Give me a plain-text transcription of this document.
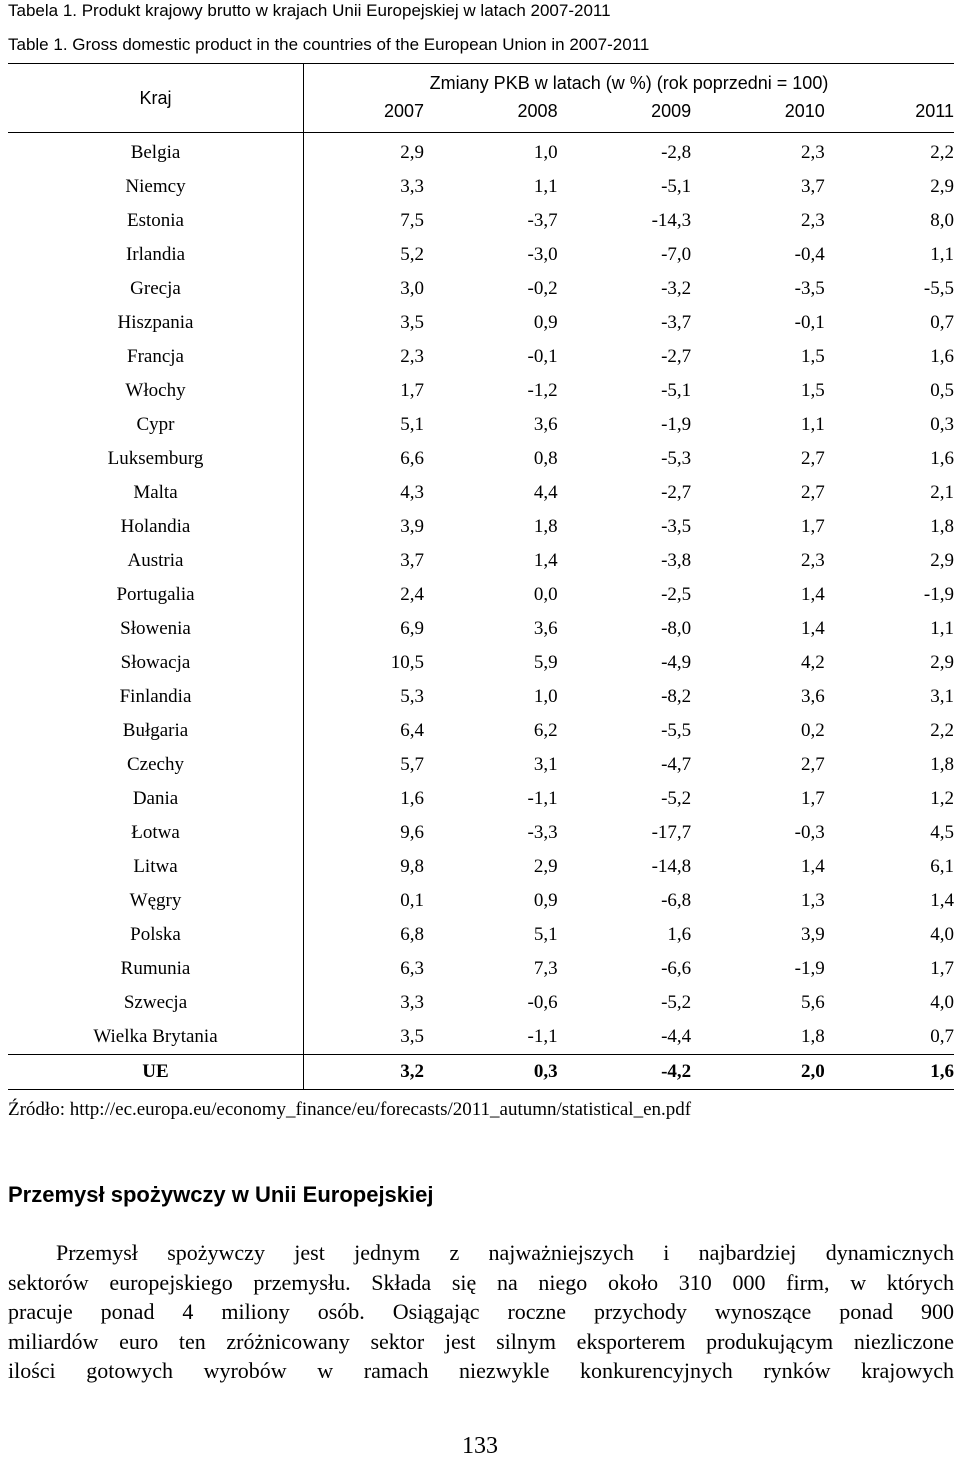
Tabela 1. Produkt krajowy brutto w krajach Unii Europejskiej w latach 2007-2011
Table 1. Gross domestic product in the countries of the European Union in 2007-2011
Kraj	Zmiany PKB w latach (w %) (rok poprzedni = 100)				
	2007	2008	2009	2010	2011
Belgia	2,9	1,0	-2,8	2,3	2,2
Niemcy	3,3	1,1	-5,1	3,7	2,9
Estonia	7,5	-3,7	-14,3	2,3	8,0
Irlandia	5,2	-3,0	-7,0	-0,4	1,1
Grecja	3,0	-0,2	-3,2	-3,5	-5,5
Hiszpania	3,5	0,9	-3,7	-0,1	0,7
Francja	2,3	-0,1	-2,7	1,5	1,6
Włochy	1,7	-1,2	-5,1	1,5	0,5
Cypr	5,1	3,6	-1,9	1,1	0,3
Luksemburg	6,6	0,8	-5,3	2,7	1,6
Malta	4,3	4,4	-2,7	2,7	2,1
Holandia	3,9	1,8	-3,5	1,7	1,8
Austria	3,7	1,4	-3,8	2,3	2,9
Portugalia	2,4	0,0	-2,5	1,4	-1,9
Słowenia	6,9	3,6	-8,0	1,4	1,1
Słowacja	10,5	5,9	-4,9	4,2	2,9
Finlandia	5,3	1,0	-8,2	3,6	3,1
Bułgaria	6,4	6,2	-5,5	0,2	2,2
Czechy	5,7	3,1	-4,7	2,7	1,8
Dania	1,6	-1,1	-5,2	1,7	1,2
Łotwa	9,6	-3,3	-17,7	-0,3	4,5
Litwa	9,8	2,9	-14,8	1,4	6,1
Węgry	0,1	0,9	-6,8	1,3	1,4
Polska	6,8	5,1	1,6	3,9	4,0
Rumunia	6,3	7,3	-6,6	-1,9	1,7
Szwecja	3,3	-0,6	-5,2	5,6	4,0
Wielka Brytania	3,5	-1,1	-4,4	1,8	0,7
UE	3,2	0,3	-4,2	2,0	1,6
Źródło: http://ec.europa.eu/economy_finance/eu/forecasts/2011_autumn/statistical_en.pdf
Przemysł spożywczy w Unii Europejskiej
Przemysł spożywczy jest jednym z najważniejszych i najbardziej dynamicznych
sektorów europejskiego przemysłu. Składa się na niego około 310 000 firm, w których
pracuje ponad 4 miliony osób. Osiągając roczne przychody wynoszące ponad 900
miliardów euro ten zróżnicowany sektor jest silnym eksporterem produkującym niezliczone
ilości gotowych wyrobów w ramach niezwykle konkurencyjnych rynków krajowych
133
